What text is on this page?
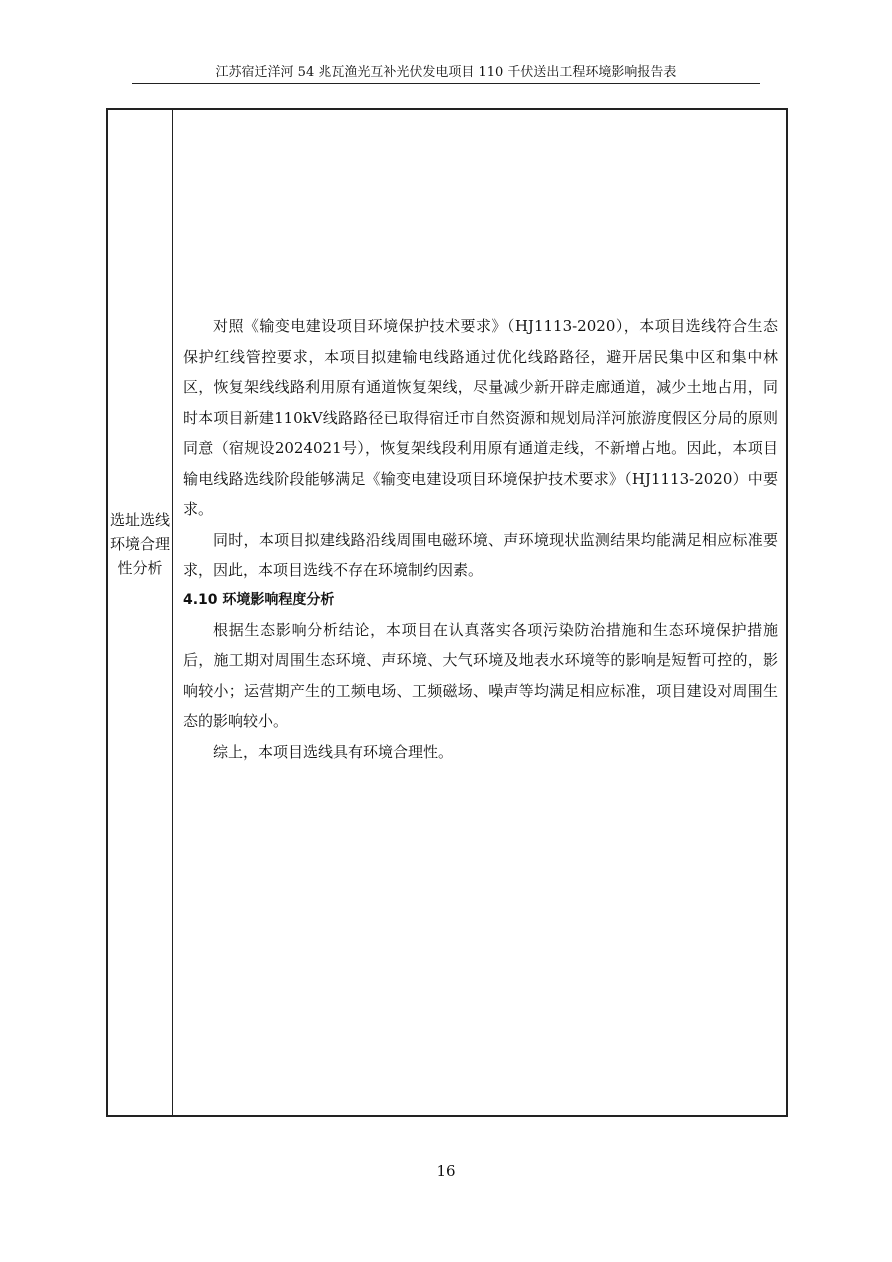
江苏宿迁洋河 54 兆瓦渔光互补光伏发电项目 110 千伏送出工程环境影响报告表
选址选线环境合理性分析

对照《输变电建设项目环境保护技术要求》（HJ1113-2020），本项目选线符合生态保护红线管控要求，本项目拟建输电线路通过优化线路路径，避开居民集中区和集中林区，恢复架线线路利用原有通道恢复架线，尽量减少新开辟走廊通道，减少土地占用，同时本项目新建110kV线路路径已取得宿迁市自然资源和规划局洋河旅游度假区分局的原则同意（宿规设2024021号），恢复架线段利用原有通道走线，不新增占地。因此，本项目输电线路选线阶段能够满足《输变电建设项目环境保护技术要求》（HJ1113-2020）中要求。

同时，本项目拟建线路沿线周围电磁环境、声环境现状监测结果均能满足相应标准要求，因此，本项目选线不存在环境制约因素。

4.10 环境影响程度分析

根据生态影响分析结论，本项目在认真落实各项污染防治措施和生态环境保护措施后，施工期对周围生态环境、声环境、大气环境及地表水环境等的影响是短暂可控的，影响较小；运营期产生的工频电场、工频磁场、噪声等均满足相应标准，项目建设对周围生态的影响较小。

综上，本项目选线具有环境合理性。

16
